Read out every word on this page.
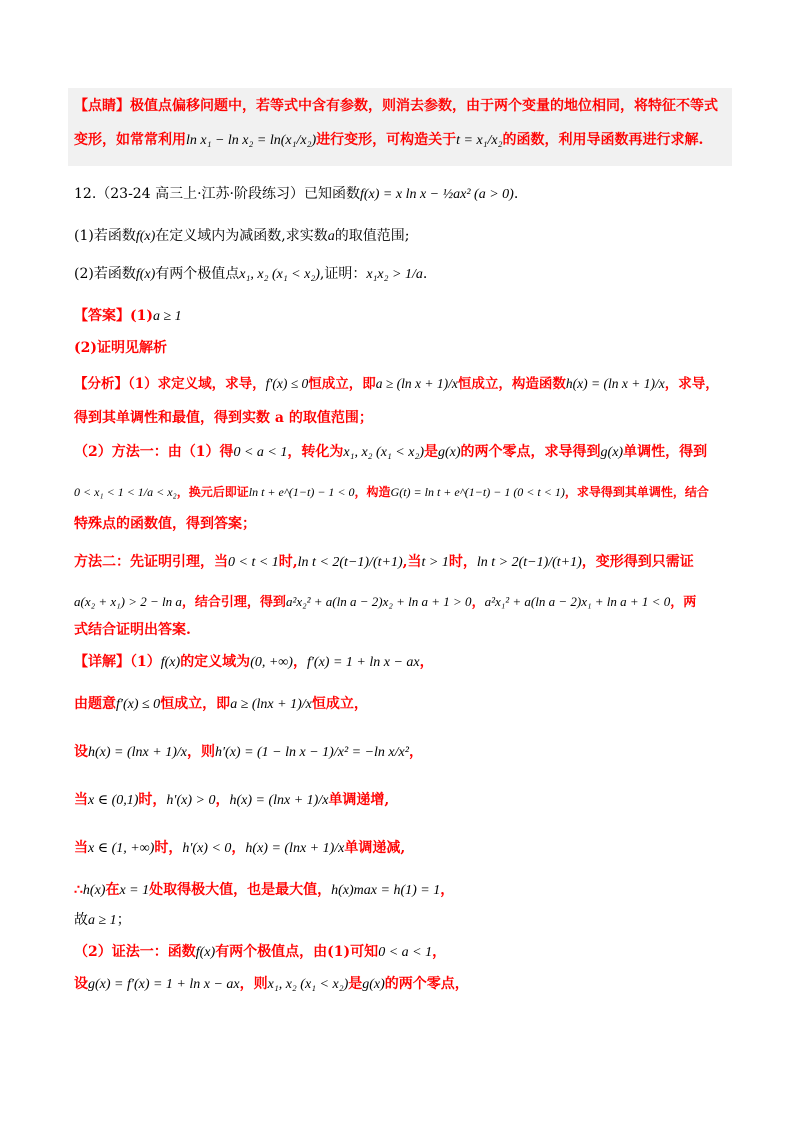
【点睛】极值点偏移问题中，若等式中含有参数，则消去参数，由于两个变量的地位相同，将特征不等式
变形，如常常利用ln x₁ − ln x₂ = ln(x₁/x₂)进行变形，可构造关于t = x₁/x₂的函数，利用导函数再进行求解.
12.（23-24 高三上·江苏·阶段练习）已知函数f(x) = x ln x − ½ax² (a > 0).
(1)若函数f(x)在定义域内为减函数,求实数a的取值范围;
(2)若函数f(x)有两个极值点x₁, x₂ (x₁ < x₂),证明：x₁x₂ > 1/a.
【答案】(1)a ≥ 1
(2)证明见解析
【分析】（1）求定义域，求导，f′(x) ≤ 0恒成立，即a ≥ (ln x + 1)/x恒成立，构造函数h(x) = (ln x + 1)/x，求导，
得到其单调性和最值，得到实数 a 的取值范围；
（2）方法一：由（1）得0 < a < 1，转化为x₁, x₂ (x₁ < x₂)是g(x)的两个零点，求导得到g(x)单调性，得到
0 < x₁ < 1 < 1/a < x₂，换元后即证ln t + e^(1−t) − 1 < 0，构造G(t) = ln t + e^(1−t) − 1 (0 < t < 1)，求导得到其单调性，结合
特殊点的函数值，得到答案；
方法二：先证明引理，当0 < t < 1时,ln t < 2(t−1)/(t+1),当t > 1时，ln t > 2(t−1)/(t+1)，变形得到只需证
a(x₂ + x₁) > 2 − ln a，结合引理，得到a²x₂² + a(ln a − 2)x₂ + ln a + 1 > 0，a²x₁² + a(ln a − 2)x₁ + ln a + 1 < 0，两
式结合证明出答案.
【详解】（1）f(x)的定义域为(0, +∞)，f′(x) = 1 + ln x − ax，
由题意f′(x) ≤ 0恒成立，即a ≥ (lnx + 1)/x恒成立，
设h(x) = (lnx + 1)/x，则h′(x) = (1 − ln x − 1)/x² = −ln x/x²，
当x ∈ (0,1)时，h′(x) > 0，h(x) = (lnx + 1)/x单调递增,
当x ∈ (1, +∞)时，h′(x) < 0，h(x) = (lnx + 1)/x单调递减,
∴h(x)在x = 1处取得极大值，也是最大值，h(x)max = h(1) = 1，
故a ≥ 1；
（2）证法一：函数f(x)有两个极值点，由(1)可知0 < a < 1，
设g(x) = f′(x) = 1 + ln x − ax，则x₁, x₂ (x₁ < x₂)是g(x)的两个零点，
